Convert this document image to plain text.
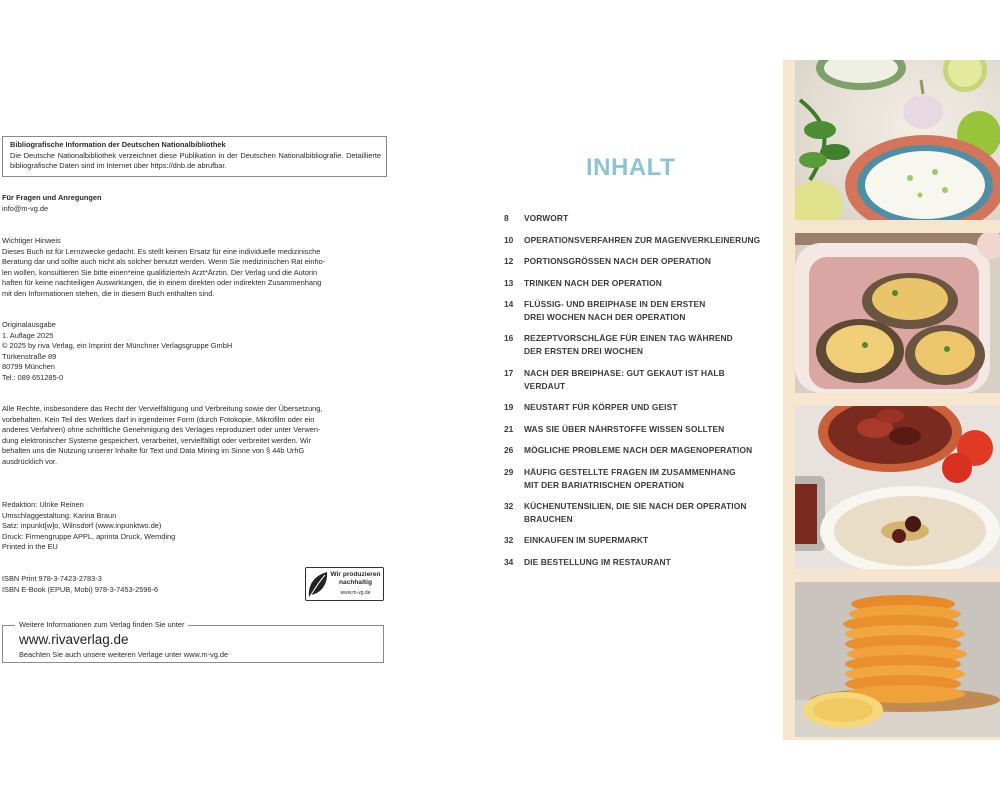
Bibliografische Information der Deutschen Nationalbibliothek
Die Deutsche Nationalbibliothek verzeichnet diese Publikation in der Deutschen Nationalbibliografie. Detaillierte bibliografische Daten sind im Internet über https://dnb.de abrufbar.
Für Fragen und Anregungen
info@m-vg.de
Wichtiger Hinweis
Dieses Buch ist für Lernzwecke gedacht. Es stellt keinen Ersatz für eine individuelle medizinische
Beratung dar und sollte auch nicht als solcher benutzt werden. Wenn Sie medizinischen Rat einho-
len wollen, konsultieren Sie bitte einen*eine qualifizierte/n Arzt*Ärztin. Der Verlag und die Autorin
haften für keine nachteiligen Auswirkungen, die in einem direkten oder indirekten Zusammenhang
mit den Informationen stehen, die in diesem Buch enthalten sind.
Originalausgabe
1. Auflage 2025
© 2025 by riva Verlag, ein Imprint der Münchner Verlagsgruppe GmbH
Türkenstraße 89
80799 München
Tel.: 089 651285-0
Alle Rechte, insbesondere das Recht der Vervielfältigung und Verbreitung sowie der Übersetzung,
vorbehalten. Kein Teil des Werkes darf in irgendeiner Form (durch Fotokopie, Mikrofilm oder ein
anderes Verfahren) ohne schriftliche Genehmigung des Verlages reproduziert oder unter Verwen-
dung elektronischer Systeme gespeichert, verarbeitet, vervielfältigt oder verbreitet werden. Wir
behalten uns die Nutzung unserer Inhalte für Text und Data Mining im Sinne von § 44b UrhG
ausdrücklich vor.
Redaktion: Ulrike Reinen
Umschlaggestaltung: Karina Braun
Satz: inpunkt[w]o, Wilnsdorf (www.inpunktwo.de)
Druck: Firmengruppe APPL, aprinta Druck, Wemding
Printed in the EU
ISBN Print 978-3-7423-2783-3
ISBN E-Book (EPUB, Mobi) 978-3-7453-2596-6
Wir produzieren
nachhaltig
www.m-vg.de
Weitere Informationen zum Verlag finden Sie unter
www.rivaverlag.de
Beachten Sie auch unsere weiteren Verlage unter www.m-vg.de
INHALT
8	VORWORT
10	OPERATIONSVERFAHREN ZUR MAGENVERKLEINERUNG
12	PORTIONSGRÖSSEN NACH DER OPERATION
13	TRINKEN NACH DER OPERATION
14	FLÜSSIG- UND BREIPHASE IN DEN ERSTEN
DREI WOCHEN NACH DER OPERATION
16	REZEPTVORSCHLÄGE FÜR EINEN TAG WÄHREND
DER ERSTEN DREI WOCHEN
17	NACH DER BREIPHASE: GUT GEKAUT IST HALB
VERDAUT
19	NEUSTART FÜR KÖRPER UND GEIST
21	WAS SIE ÜBER NÄHRSTOFFE WISSEN SOLLTEN
26	MÖGLICHE PROBLEME NACH DER MAGENOPERATION
29	HÄUFIG GESTELLTE FRAGEN IM ZUSAMMENHANG
MIT DER BARIATRISCHEN OPERATION
32	KÜCHENUTENSILIEN, DIE SIE NACH DER OPERATION
BRAUCHEN
32	EINKAUFEN IM SUPERMARKT
34	DIE BESTELLUNG IM RESTAURANT
